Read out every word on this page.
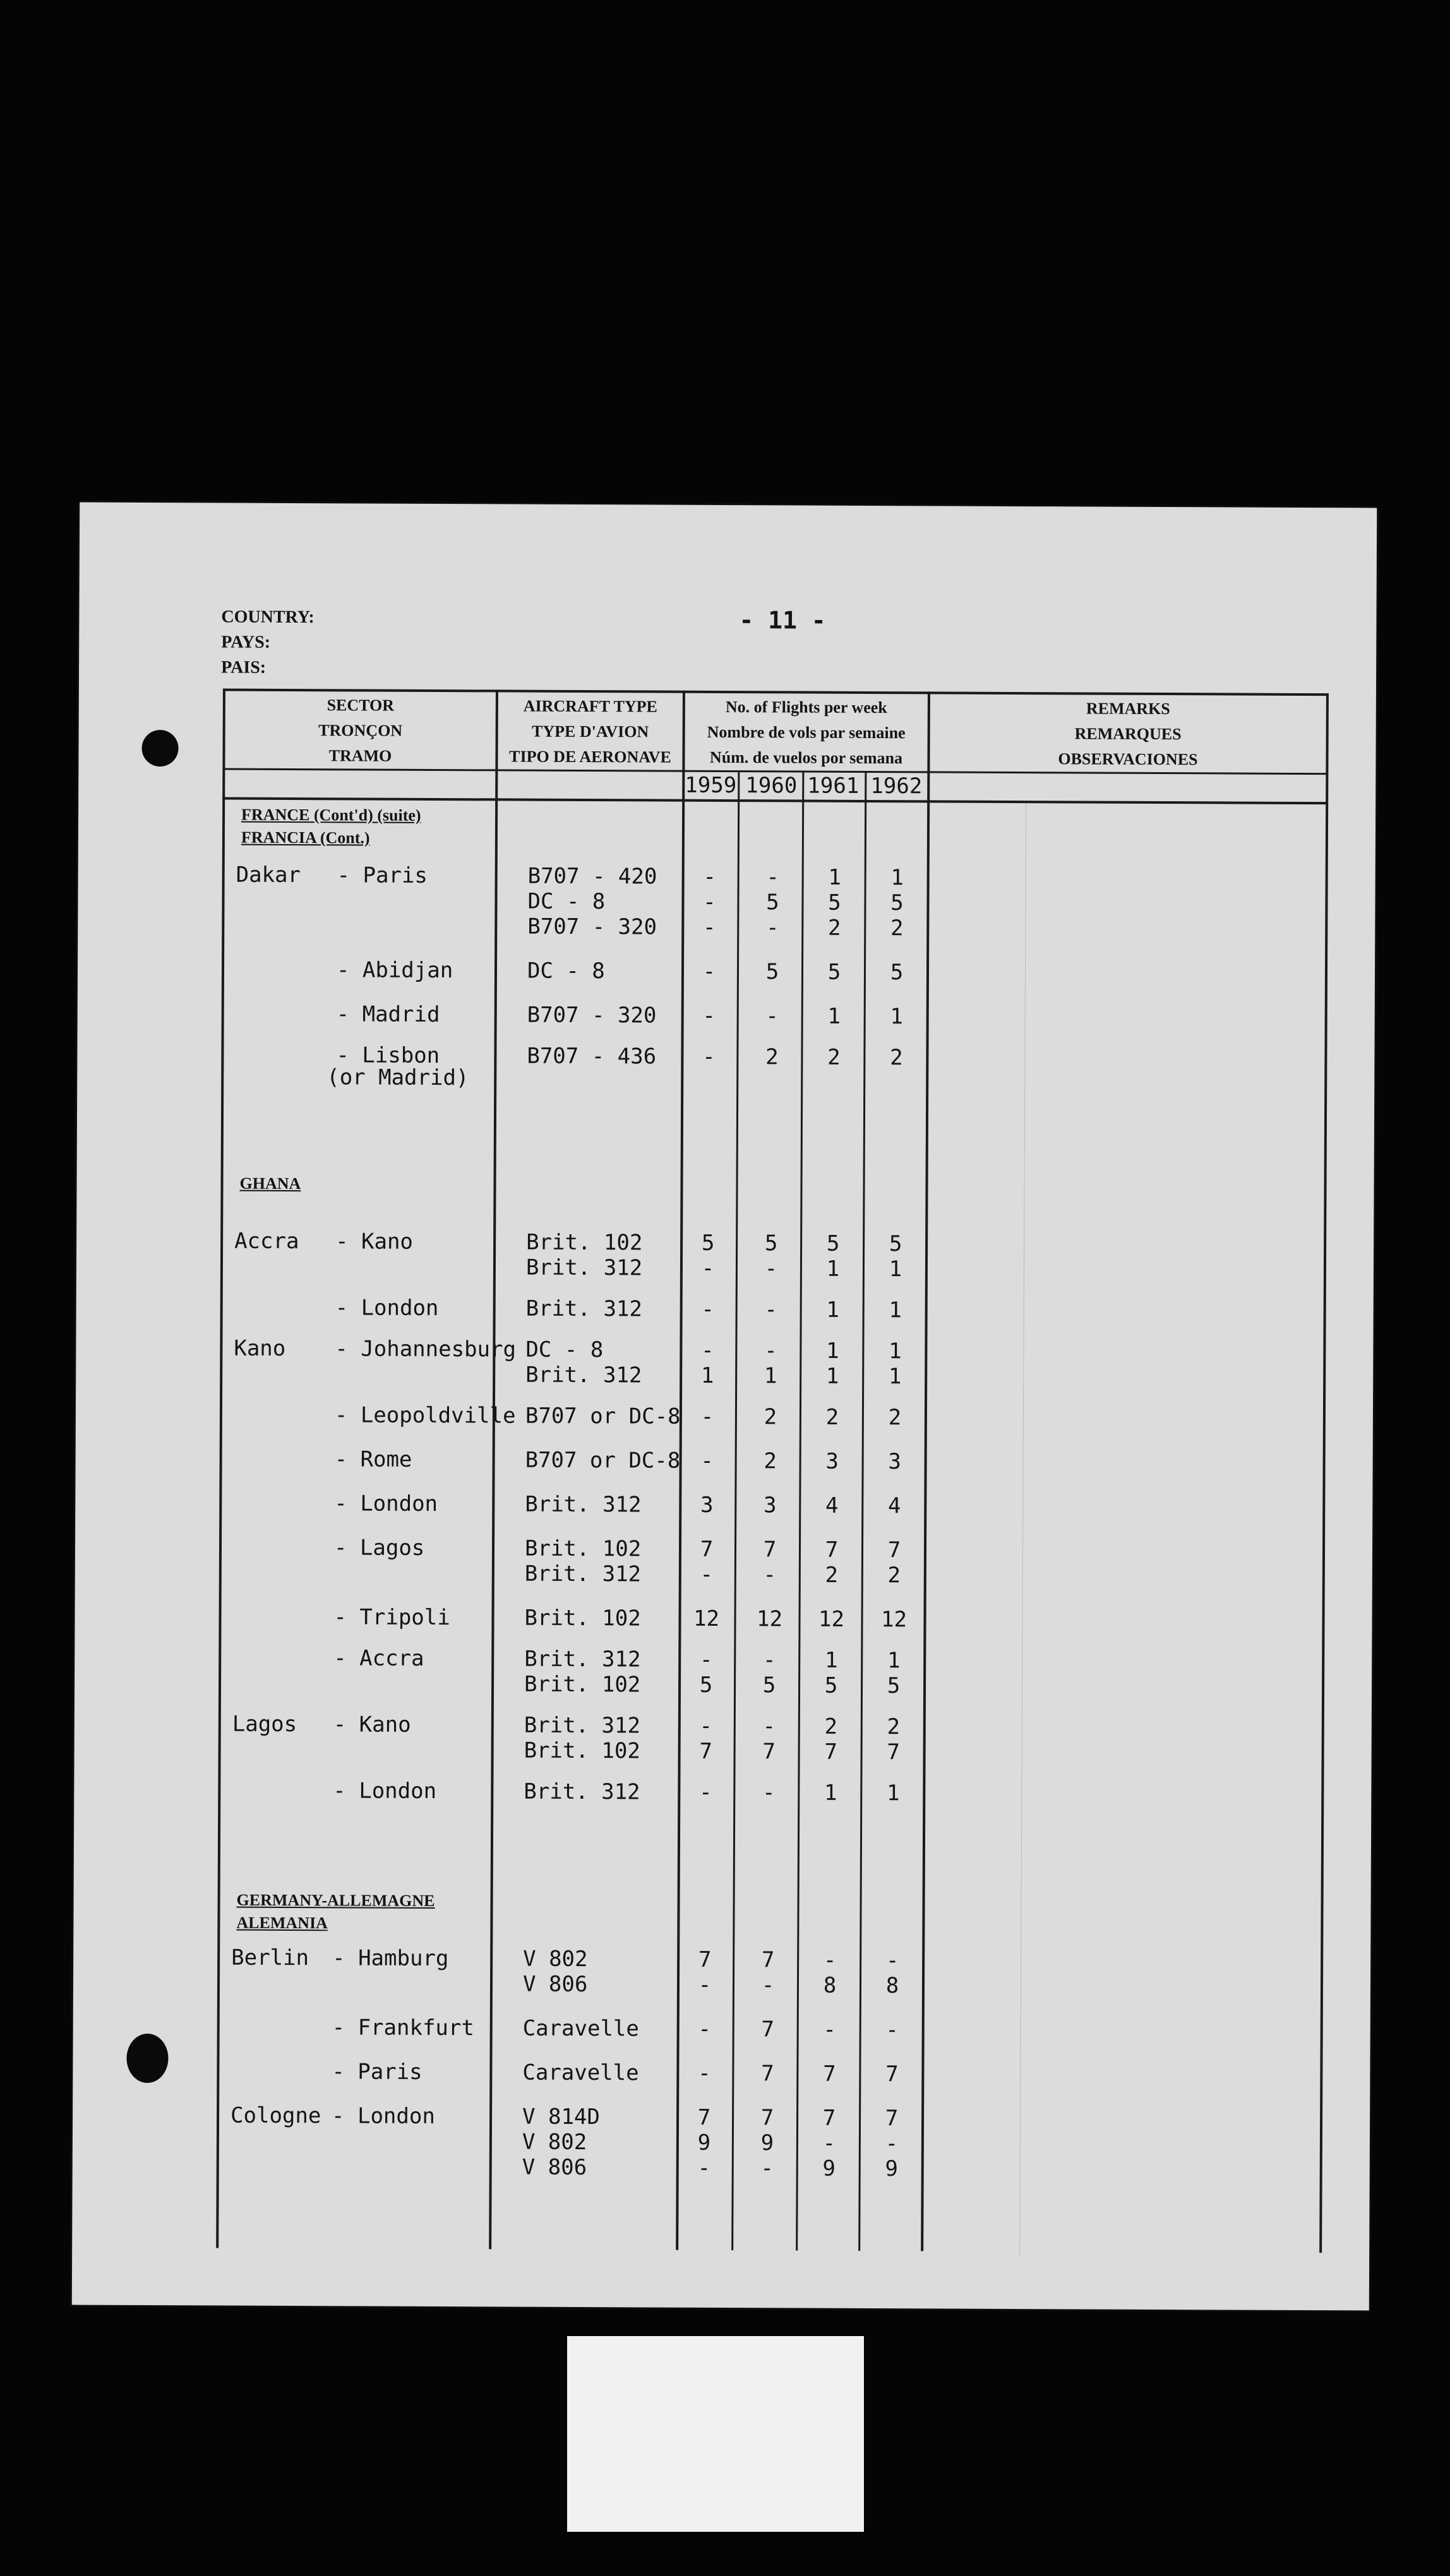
COUNTRY:
PAYS:
PAIS:
- 11 -
SECTOR
TRONÇON
TRAMO
AIRCRAFT TYPE
TYPE D'AVION
TIPO DE AERONAVE
No. of Flights per week
Nombre de vols par semaine
Núm. de vuelos por semana
REMARKS
REMARQUES
OBSERVACIONES
1959 1960 1961 1962
FRANCE (Cont'd) (suite)
FRANCIA (Cont.)
GHANA
GERMANY-ALLEMAGNE
ALEMANIA
Dakar - Paris	B707 - 420	-	-	1	1
DC - 8	-	5	5	5
B707 - 320	-	-	2	2
- Abidjan	DC - 8	-	5	5	5
- Madrid	B707 - 320	-	-	1	1
- Lisbon	B707 - 436	-	2	2	2
(or Madrid)
Accra - Kano	Brit. 102	5	5	5	5
Brit. 312	-	-	1	1
- London	Brit. 312	-	-	1	1
Kano - Johannesburg DC - 8	-	-	1	1
Brit. 312	1	1	1	1
- Leopoldville B707 or DC-8 -	2	2	2
- Rome	B707 or DC-8 -	2	3	3
- London	Brit. 312	3	3	4	4
- Lagos	Brit. 102	7	7	7	7
Brit. 312	-	-	2	2
- Tripoli	Brit. 102	12	12	12	12
- Accra	Brit. 312	-	-	1	1
Brit. 102	5	5	5	5
Lagos - Kano	Brit. 312	-	-	2	2
Brit. 102	7	7	7	7
- London	Brit. 312	-	-	1	1
Berlin - Hamburg	V 802	7	7	-	-
V 806	-	-	8	8
- Frankfurt Caravelle	-	7	-	-
- Paris	Caravelle	-	7	7	7
Cologne - London	V 814D	7	7	7	7
V 802	9	9	-	-
V 806	-	-	9	9
